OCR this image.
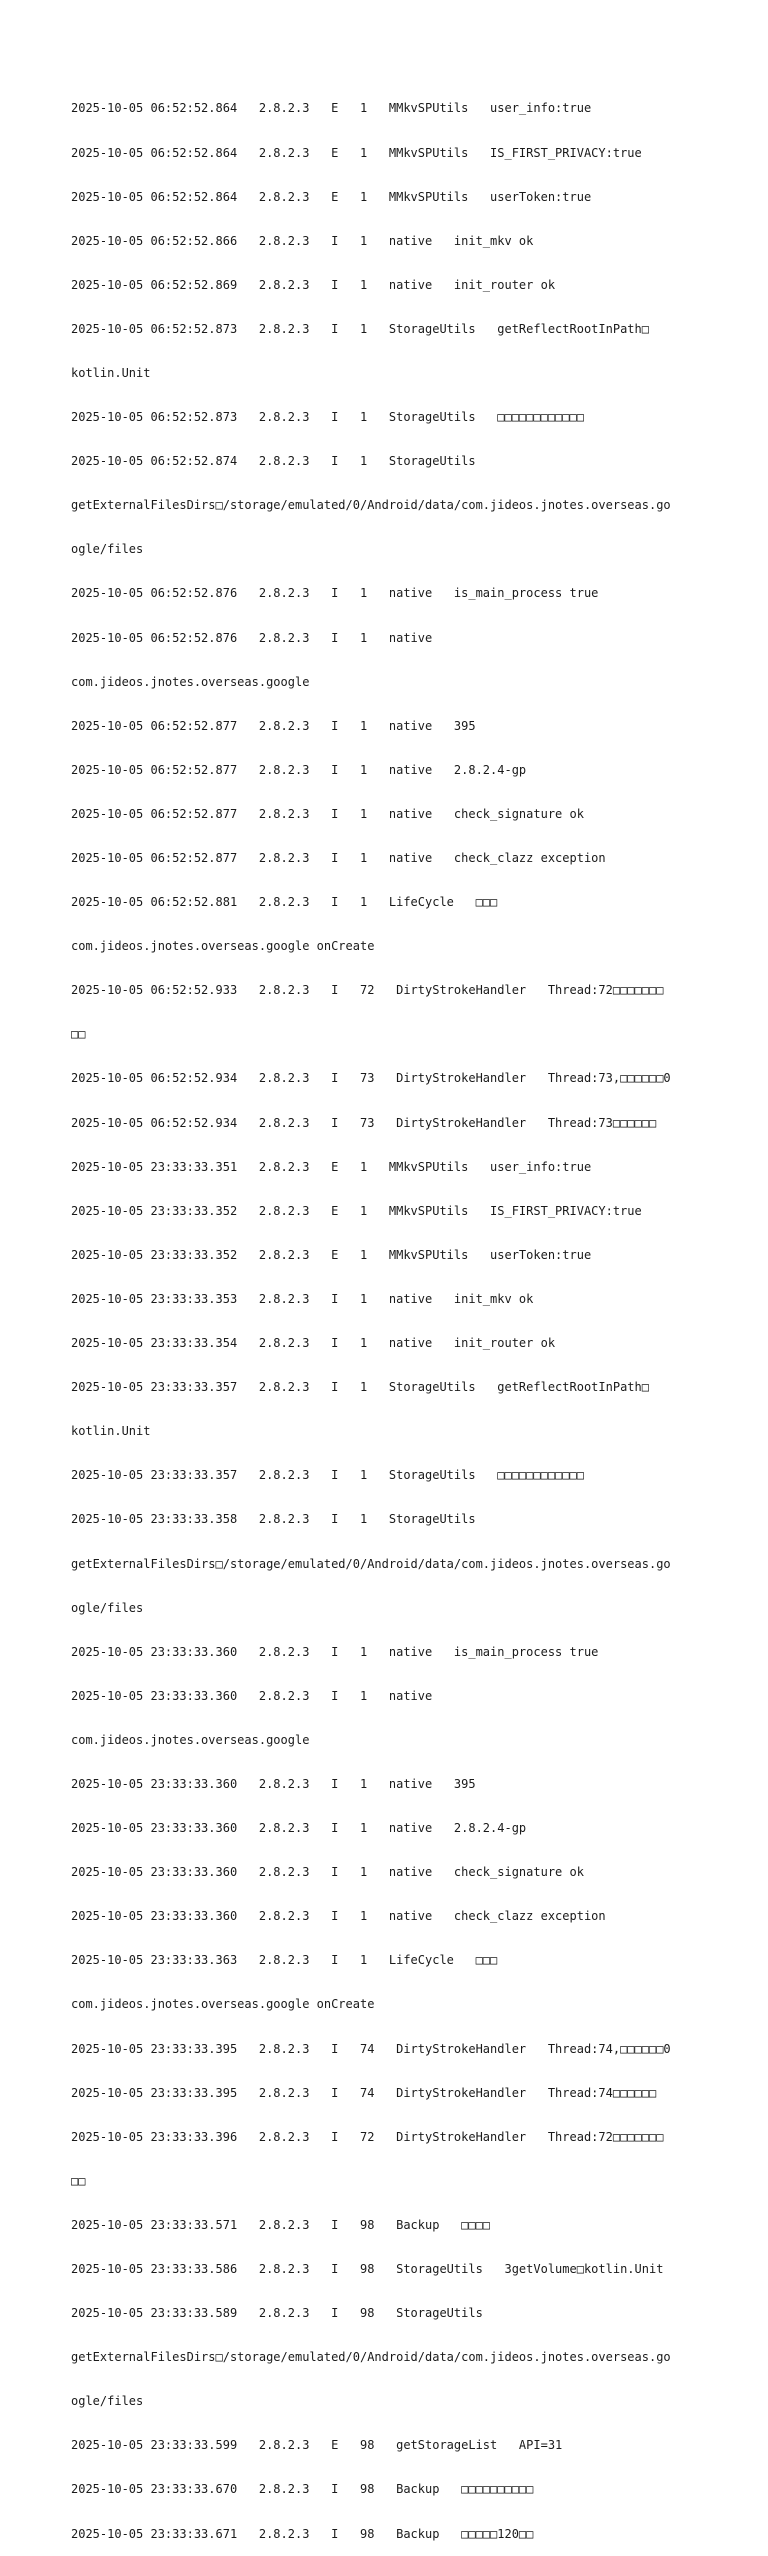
2025-10-05 06:52:52.864   2.8.2.3   E   1   MMkvSPUtils   user_info:true

2025-10-05 06:52:52.864   2.8.2.3   E   1   MMkvSPUtils   IS_FIRST_PRIVACY:true

2025-10-05 06:52:52.864   2.8.2.3   E   1   MMkvSPUtils   userToken:true

2025-10-05 06:52:52.866   2.8.2.3   I   1   native   init_mkv ok

2025-10-05 06:52:52.869   2.8.2.3   I   1   native   init_router ok

2025-10-05 06:52:52.873   2.8.2.3   I   1   StorageUtils   getReflectRootInPath□

kotlin.Unit

2025-10-05 06:52:52.873   2.8.2.3   I   1   StorageUtils   □□□□□□□□□□□□

2025-10-05 06:52:52.874   2.8.2.3   I   1   StorageUtils

getExternalFilesDirs□/storage/emulated/0/Android/data/com.jideos.jnotes.overseas.go

ogle/files

2025-10-05 06:52:52.876   2.8.2.3   I   1   native   is_main_process true

2025-10-05 06:52:52.876   2.8.2.3   I   1   native

com.jideos.jnotes.overseas.google

2025-10-05 06:52:52.877   2.8.2.3   I   1   native   395

2025-10-05 06:52:52.877   2.8.2.3   I   1   native   2.8.2.4-gp

2025-10-05 06:52:52.877   2.8.2.3   I   1   native   check_signature ok

2025-10-05 06:52:52.877   2.8.2.3   I   1   native   check_clazz exception

2025-10-05 06:52:52.881   2.8.2.3   I   1   LifeCycle   □□□

com.jideos.jnotes.overseas.google onCreate

2025-10-05 06:52:52.933   2.8.2.3   I   72   DirtyStrokeHandler   Thread:72□□□□□□□

□□

2025-10-05 06:52:52.934   2.8.2.3   I   73   DirtyStrokeHandler   Thread:73,□□□□□□0

2025-10-05 06:52:52.934   2.8.2.3   I   73   DirtyStrokeHandler   Thread:73□□□□□□

2025-10-05 23:33:33.351   2.8.2.3   E   1   MMkvSPUtils   user_info:true

2025-10-05 23:33:33.352   2.8.2.3   E   1   MMkvSPUtils   IS_FIRST_PRIVACY:true

2025-10-05 23:33:33.352   2.8.2.3   E   1   MMkvSPUtils   userToken:true

2025-10-05 23:33:33.353   2.8.2.3   I   1   native   init_mkv ok

2025-10-05 23:33:33.354   2.8.2.3   I   1   native   init_router ok

2025-10-05 23:33:33.357   2.8.2.3   I   1   StorageUtils   getReflectRootInPath□

kotlin.Unit

2025-10-05 23:33:33.357   2.8.2.3   I   1   StorageUtils   □□□□□□□□□□□□

2025-10-05 23:33:33.358   2.8.2.3   I   1   StorageUtils

getExternalFilesDirs□/storage/emulated/0/Android/data/com.jideos.jnotes.overseas.go

ogle/files

2025-10-05 23:33:33.360   2.8.2.3   I   1   native   is_main_process true

2025-10-05 23:33:33.360   2.8.2.3   I   1   native

com.jideos.jnotes.overseas.google

2025-10-05 23:33:33.360   2.8.2.3   I   1   native   395

2025-10-05 23:33:33.360   2.8.2.3   I   1   native   2.8.2.4-gp

2025-10-05 23:33:33.360   2.8.2.3   I   1   native   check_signature ok

2025-10-05 23:33:33.360   2.8.2.3   I   1   native   check_clazz exception

2025-10-05 23:33:33.363   2.8.2.3   I   1   LifeCycle   □□□

com.jideos.jnotes.overseas.google onCreate

2025-10-05 23:33:33.395   2.8.2.3   I   74   DirtyStrokeHandler   Thread:74,□□□□□□0

2025-10-05 23:33:33.395   2.8.2.3   I   74   DirtyStrokeHandler   Thread:74□□□□□□

2025-10-05 23:33:33.396   2.8.2.3   I   72   DirtyStrokeHandler   Thread:72□□□□□□□

□□

2025-10-05 23:33:33.571   2.8.2.3   I   98   Backup   □□□□

2025-10-05 23:33:33.586   2.8.2.3   I   98   StorageUtils   3getVolume□kotlin.Unit

2025-10-05 23:33:33.589   2.8.2.3   I   98   StorageUtils

getExternalFilesDirs□/storage/emulated/0/Android/data/com.jideos.jnotes.overseas.go

ogle/files

2025-10-05 23:33:33.599   2.8.2.3   E   98   getStorageList   API=31

2025-10-05 23:33:33.670   2.8.2.3   I   98   Backup   □□□□□□□□□□

2025-10-05 23:33:33.671   2.8.2.3   I   98   Backup   □□□□□120□□
